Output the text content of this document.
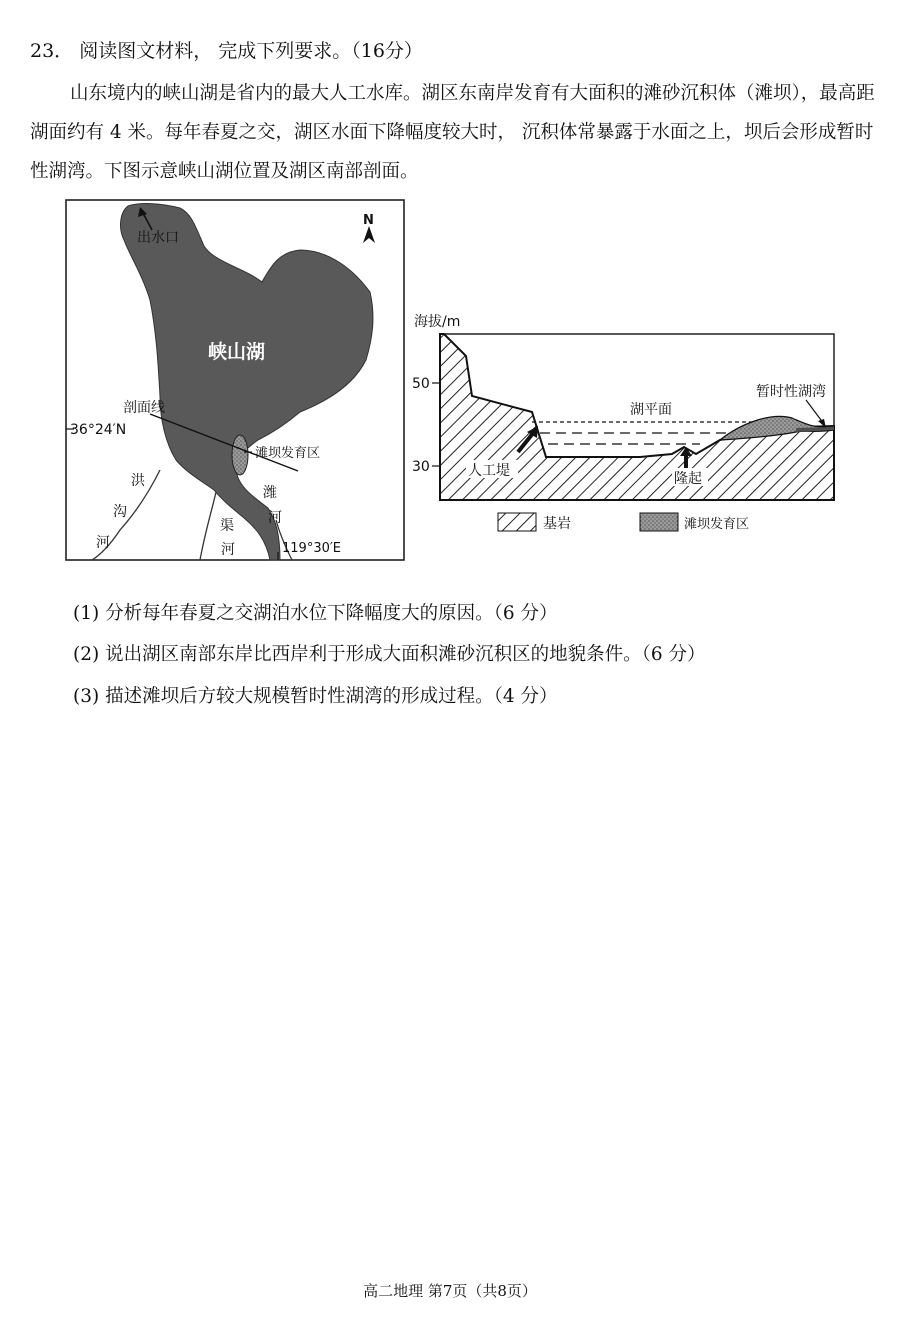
23． 阅读图文材料， 完成下列要求。（16分）

山东境内的峡山湖是省内的最大人工水库。湖区东南岸发育有大面积的滩砂沉积体（滩坝），最高距湖面约有 4 米。每年春夏之交，湖区水面下降幅度较大时， 沉积体常暴露于水面之上，坝后会形成暂时性湖湾。下图示意峡山湖位置及湖区南部剖面。

出水口
N
峡山湖
剖面线
36°24′N
滩坝发育区
119°30′E
洪
沟
河
潍
河
渠
河
海拔/m
50
30
湖平面
暂时性湖湾
人工堤	隆起
基岩	滩坝发育区
(1) 分析每年春夏之交湖泊水位下降幅度大的原因。（6 分）
(2) 说出湖区南部东岸比西岸利于形成大面积滩砂沉积区的地貌条件。（6 分）
(3) 描述滩坝后方较大规模暂时性湖湾的形成过程。（4 分）
高二地理 第7页（共8页）
